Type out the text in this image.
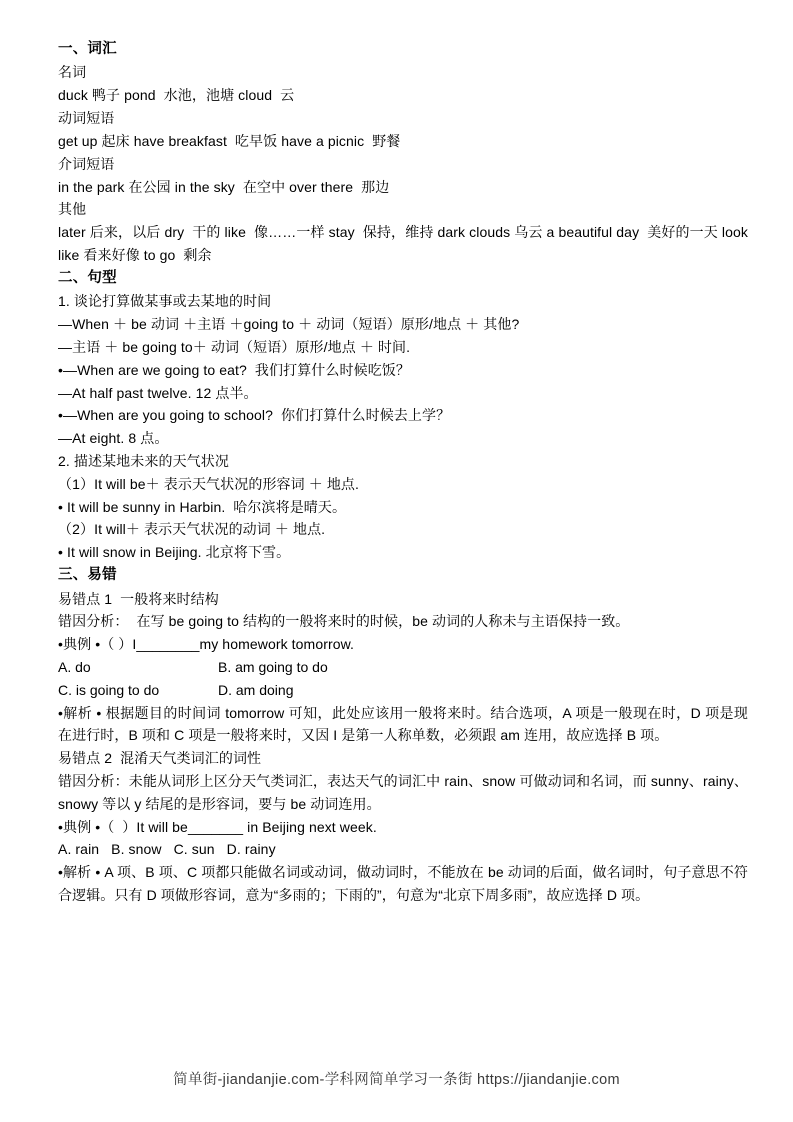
一、词汇
名词
duck 鸭子 pond  水池，池塘 cloud  云
动词短语
get up 起床 have breakfast  吃早饭 have a picnic  野餐
介词短语
in the park 在公园 in the sky  在空中 over there  那边
其他
later 后来，以后 dry  干的 like  像……一样 stay  保持，维持 dark clouds 乌云 a beautiful day  美好的一天 look like 看来好像 to go  剩余
二、句型
1. 谈论打算做某事或去某地的时间
—When ＋ be 动词 ＋主语 ＋going to ＋ 动词（短语）原形/地点 ＋ 其他?
—主语 ＋ be going to＋ 动词（短语）原形/地点 ＋ 时间.
•—When are we going to eat?  我们打算什么时候吃饭？
—At half past twelve. 12 点半。
•—When are you going to school?  你们打算什么时候去上学？
—At eight. 8 点。
2. 描述某地未来的天气状况
（1）It will be＋ 表示天气状况的形容词 ＋ 地点.
• It will be sunny in Harbin.  哈尔滨将是晴天。
（2）It will＋ 表示天气状况的动词 ＋ 地点.
• It will snow in Beijing. 北京将下雪。
三、易错
易错点 1  一般将来时结构
错因分析：  在写 be going to 结构的一般将来时的时候，be 动词的人称未与主语保持一致。
•典例 •（ ）I________my homework tomorrow.
A. do	B. am going to do
C. is going to do	D. am doing
•解析 • 根据题目的时间词 tomorrow 可知，此处应该用一般将来时。结合选项，A 项是一般现在时，D 项是现在进行时，B 项和 C 项是一般将来时，又因 I 是第一人称单数，必须跟 am 连用，故应选择 B 项。
易错点 2  混淆天气类词汇的词性
错因分析：未能从词形上区分天气类词汇，表达天气的词汇中 rain、snow 可做动词和名词，而 sunny、rainy、snowy 等以 y 结尾的是形容词，要与 be 动词连用。
•典例 •（  ）It will be_______ in Beijing next week.
A. rain   B. snow   C. sun   D. rainy
•解析 • A 项、B 项、C 项都只能做名词或动词，做动词时，不能放在 be 动词的后面，做名词时，句子意思不符合逻辑。只有 D 项做形容词，意为“多雨的；下雨的”，句意为“北京下周多雨”，故应选择 D 项。
简单街-jiandanjie.com-学科网简单学习一条街 https://jiandanjie.com
